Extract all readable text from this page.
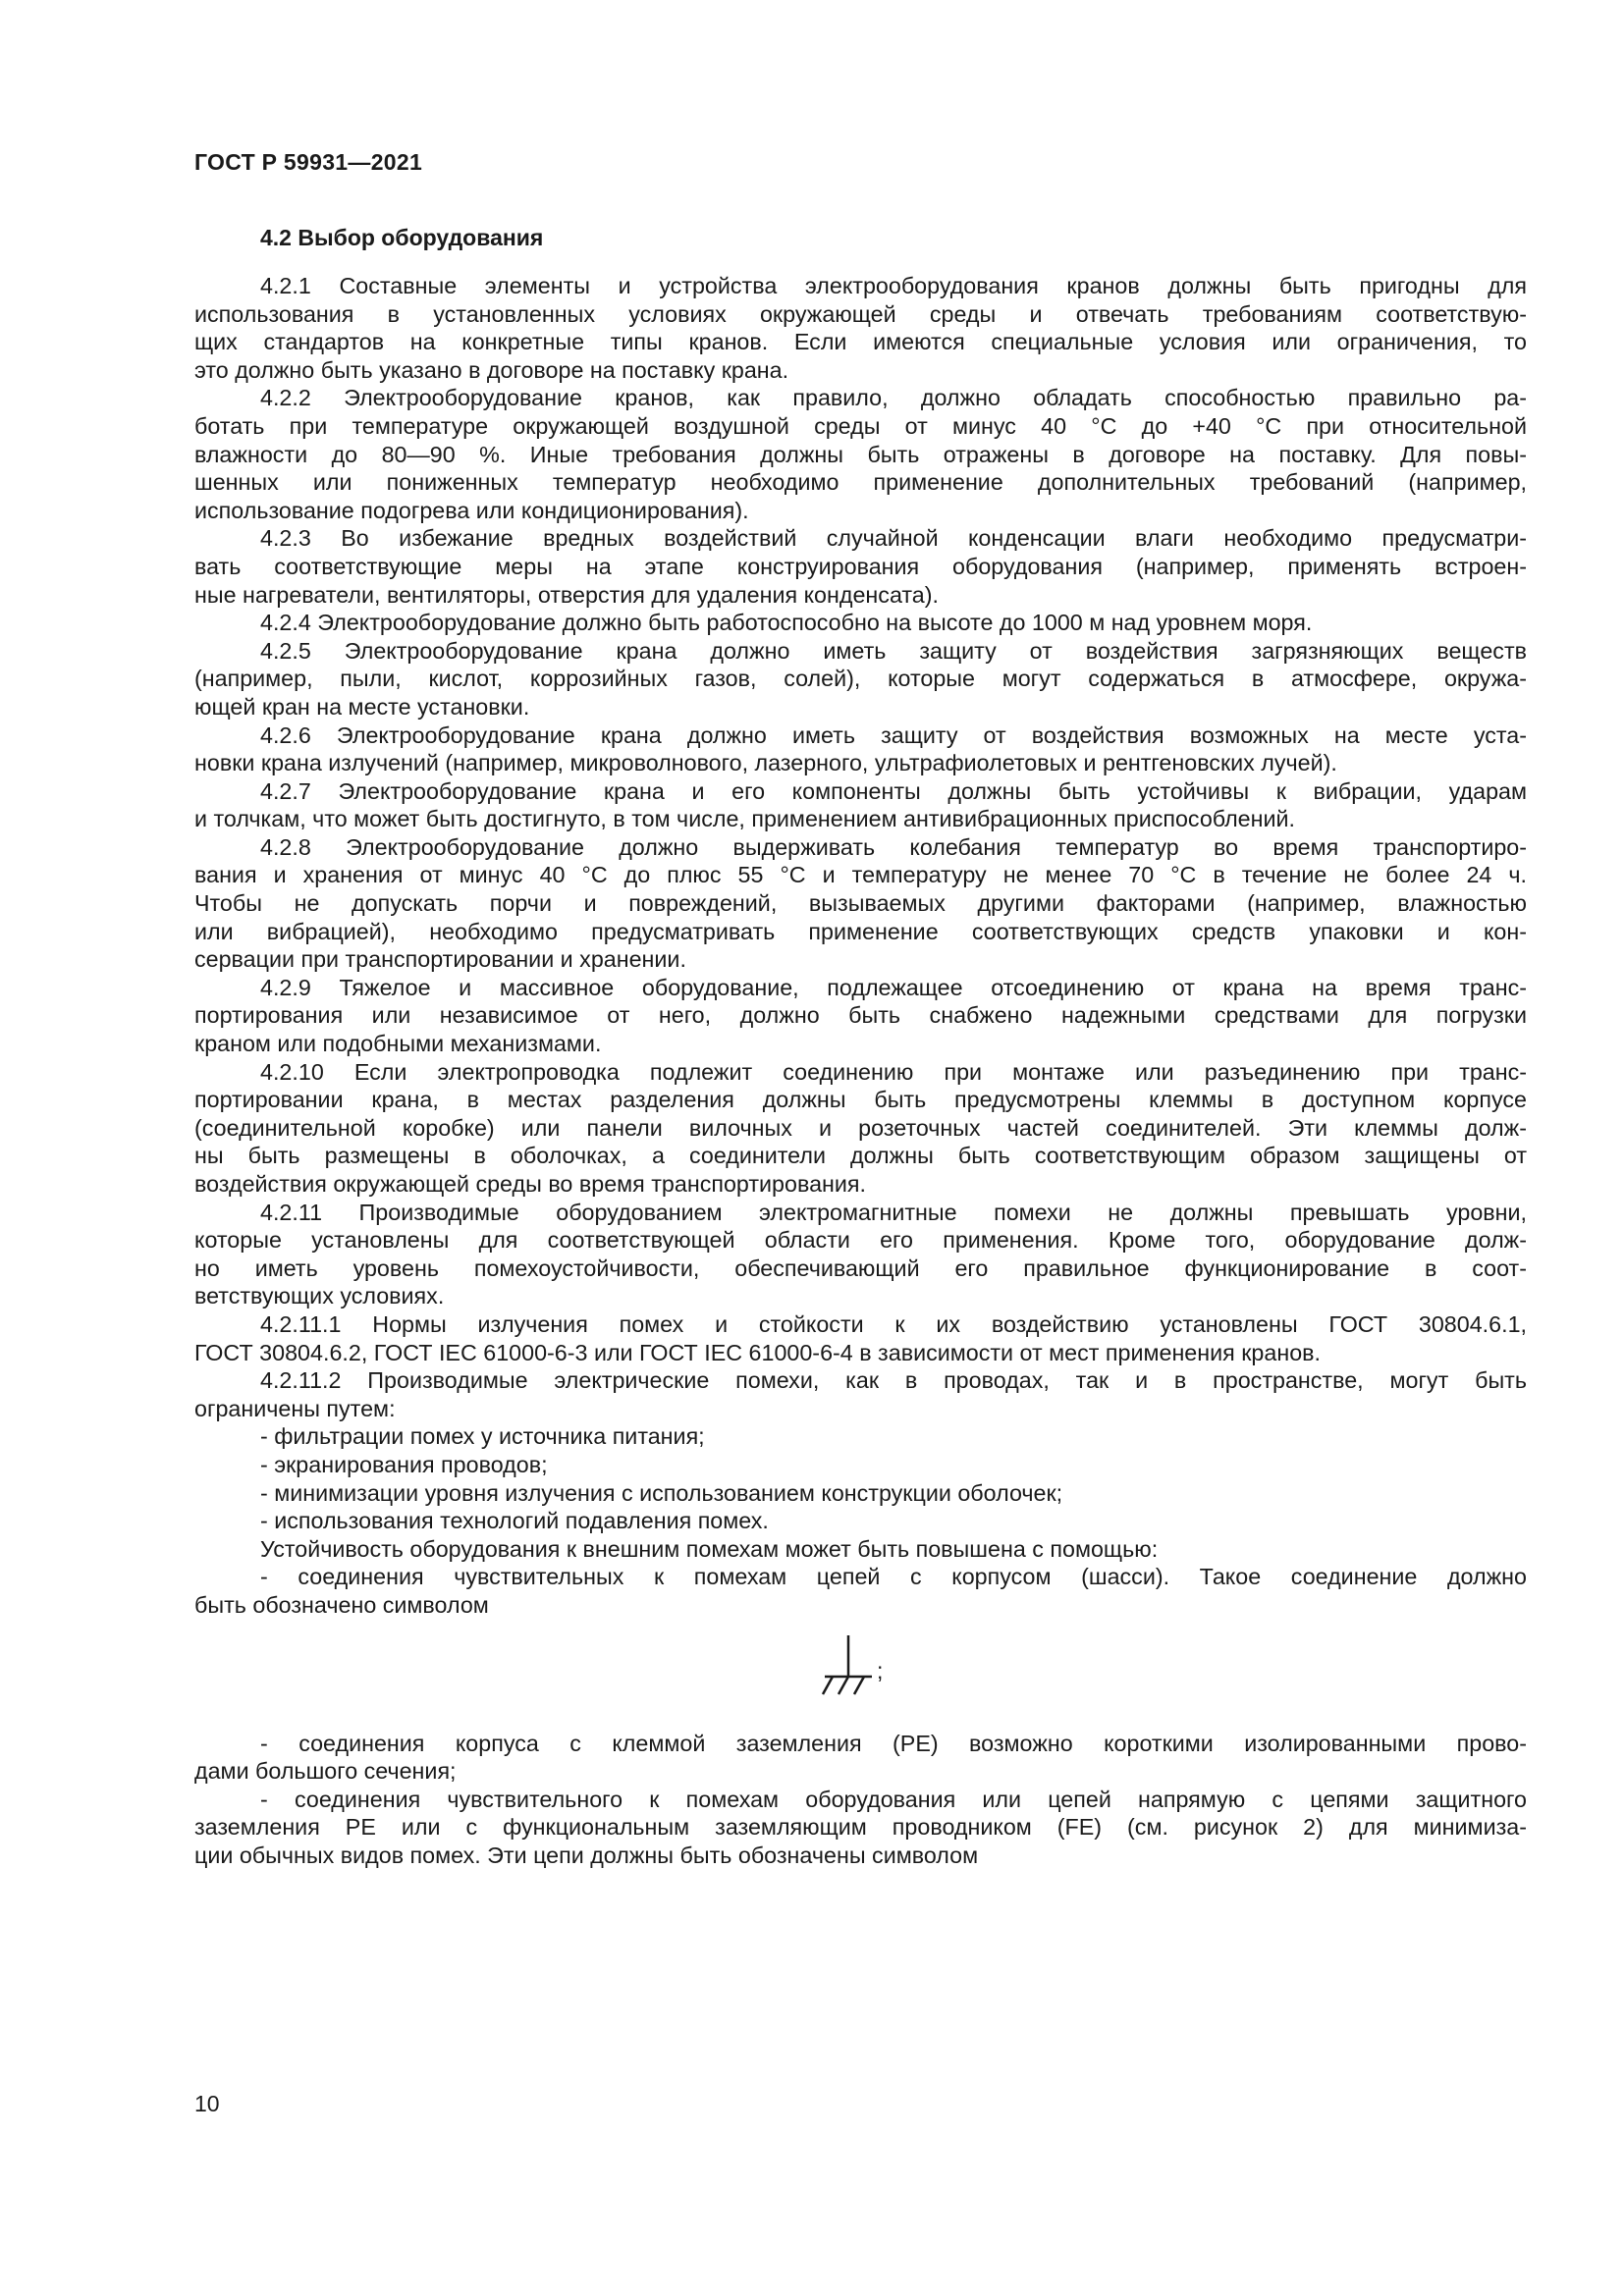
ГОСТ Р 59931—2021
4.2 Выбор оборудования
4.2.1 Составные элементы и устройства электрооборудования кранов должны быть пригодны для
использования в установленных условиях окружающей среды и отвечать требованиям соответствую-
щих стандартов на конкретные типы кранов. Если имеются специальные условия или ограничения, то
это должно быть указано в договоре на поставку крана.
4.2.2 Электрооборудование кранов, как правило, должно обладать способностью правильно ра-
ботать при температуре окружающей воздушной среды от минус 40 °C до +40 °C при относительной
влажности до 80—90 %. Иные требования должны быть отражены в договоре на поставку. Для повы-
шенных или пониженных температур необходимо применение дополнительных требований (например,
использование подогрева или кондиционирования).
4.2.3 Во избежание вредных воздействий случайной конденсации влаги необходимо предусматри-
вать соответствующие меры на этапе конструирования оборудования (например, применять встроен-
ные нагреватели, вентиляторы, отверстия для удаления конденсата).
4.2.4 Электрооборудование должно быть работоспособно на высоте до 1000 м над уровнем моря.
4.2.5 Электрооборудование крана должно иметь защиту от воздействия загрязняющих веществ
(например, пыли, кислот, коррозийных газов, солей), которые могут содержаться в атмосфере, окружа-
ющей кран на месте установки.
4.2.6 Электрооборудование крана должно иметь защиту от воздействия возможных на месте уста-
новки крана излучений (например, микроволнового, лазерного, ультрафиолетовых и рентгеновских лучей).
4.2.7 Электрооборудование крана и его компоненты должны быть устойчивы к вибрации, ударам
и толчкам, что может быть достигнуто, в том числе, применением антивибрационных приспособлений.
4.2.8 Электрооборудование должно выдерживать колебания температур во время транспортиро-
вания и хранения от минус 40 °C до плюс 55 °C и температуру не менее 70 °C в течение не более 24 ч.
Чтобы не допускать порчи и повреждений, вызываемых другими факторами (например, влажностью
или вибрацией), необходимо предусматривать применение соответствующих средств упаковки и кон-
сервации при транспортировании и хранении.
4.2.9 Тяжелое и массивное оборудование, подлежащее отсоединению от крана на время транс-
портирования или независимое от него, должно быть снабжено надежными средствами для погрузки
краном или подобными механизмами.
4.2.10 Если электропроводка подлежит соединению при монтаже или разъединению при транс-
портировании крана, в местах разделения должны быть предусмотрены клеммы в доступном корпусе
(соединительной коробке) или панели вилочных и розеточных частей соединителей. Эти клеммы долж-
ны быть размещены в оболочках, а соединители должны быть соответствующим образом защищены от
воздействия окружающей среды во время транспортирования.
4.2.11 Производимые оборудованием электромагнитные помехи не должны превышать уровни,
которые установлены для соответствующей области его применения. Кроме того, оборудование долж-
но иметь уровень помехоустойчивости, обеспечивающий его правильное функционирование в соот-
ветствующих условиях.
4.2.11.1 Нормы излучения помех и стойкости к их воздействию установлены ГОСТ 30804.6.1,
ГОСТ 30804.6.2, ГОСТ IEC 61000-6-3 или ГОСТ IEC 61000-6-4 в зависимости от мест применения кранов.
4.2.11.2 Производимые электрические помехи, как в проводах, так и в пространстве, могут быть
ограничены путем:
- фильтрации помех у источника питания;
- экранирования проводов;
- минимизации уровня излучения с использованием конструкции оболочек;
- использования технологий подавления помех.
Устойчивость оборудования к внешним помехам может быть повышена с помощью:
- соединения чувствительных к помехам цепей с корпусом (шасси). Такое соединение должно
быть обозначено символом
;
- соединения корпуса с клеммой заземления (PE) возможно короткими изолированными прово-
дами большого сечения;
- соединения чувствительного к помехам оборудования или цепей напрямую с цепями защитного
заземления PE или с функциональным заземляющим проводником (FE) (см. рисунок 2) для минимиза-
ции обычных видов помех. Эти цепи должны быть обозначены символом
10
